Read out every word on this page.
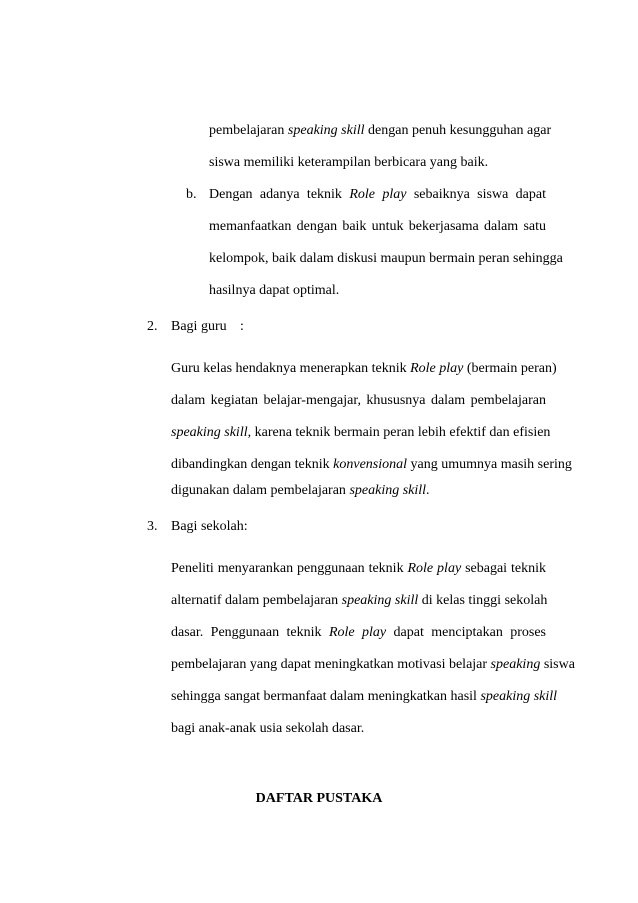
pembelajaran speaking skill dengan penuh kesungguhan agar

siswa memiliki keterampilan berbicara yang baik.

b. Dengan adanya teknik Role play sebaiknya siswa dapat

memanfaatkan dengan baik untuk bekerjasama dalam satu

kelompok, baik dalam diskusi maupun bermain peran sehingga

hasilnya dapat optimal.

2. Bagi guru :

Guru kelas hendaknya menerapkan teknik Role play (bermain peran)

dalam kegiatan belajar-mengajar, khususnya dalam pembelajaran

speaking skill, karena teknik bermain peran lebih efektif dan efisien

dibandingkan dengan teknik konvensional yang umumnya masih sering

digunakan dalam pembelajaran speaking skill.

3. Bagi sekolah:

Peneliti menyarankan penggunaan teknik Role play sebagai teknik

alternatif dalam pembelajaran speaking skill di kelas tinggi sekolah

dasar. Penggunaan teknik Role play dapat menciptakan proses

pembelajaran yang dapat meningkatkan motivasi belajar speaking siswa

sehingga sangat bermanfaat dalam meningkatkan hasil speaking skill

bagi anak-anak usia sekolah dasar.

DAFTAR PUSTAKA
